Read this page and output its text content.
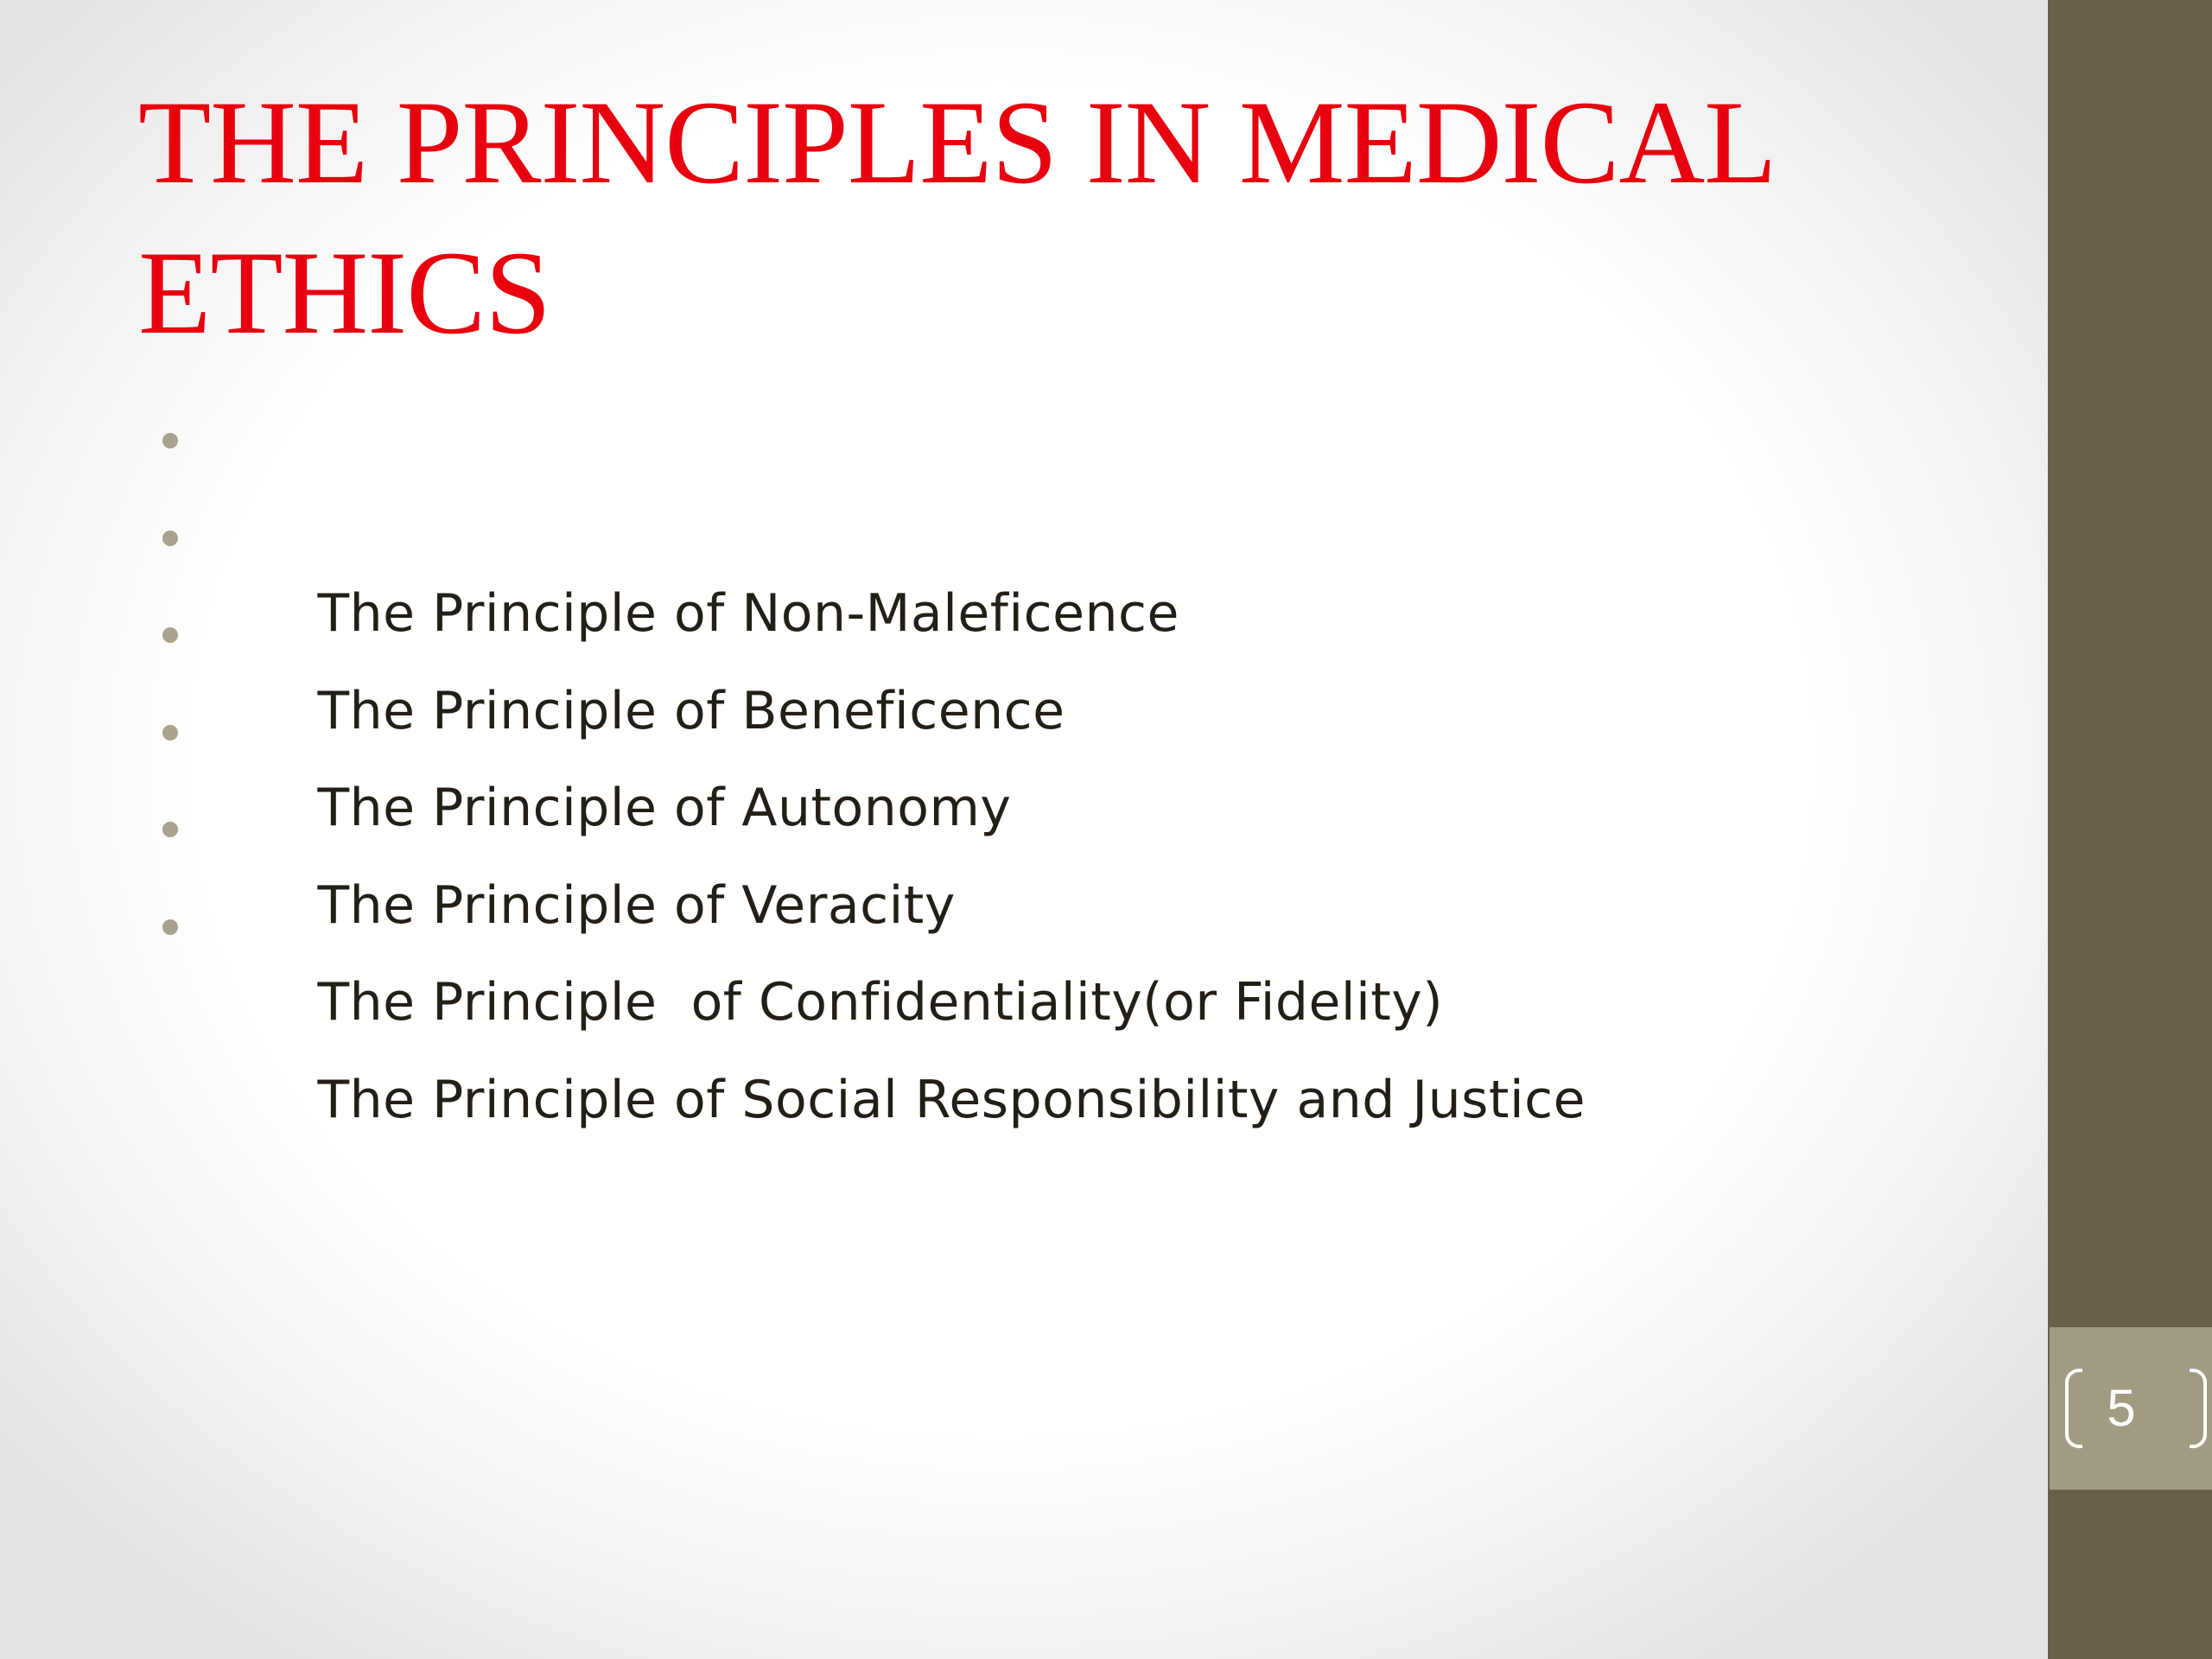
THE PRINCIPLES IN MEDICAL ETHICS

The Principle of Non-Maleficence

The Principle of Beneficence

The Principle of Autonomy

The Principle of Veracity

The Principle  of Confidentiality(or Fidelity)

The Principle of Social Responsibility and Justice

5
